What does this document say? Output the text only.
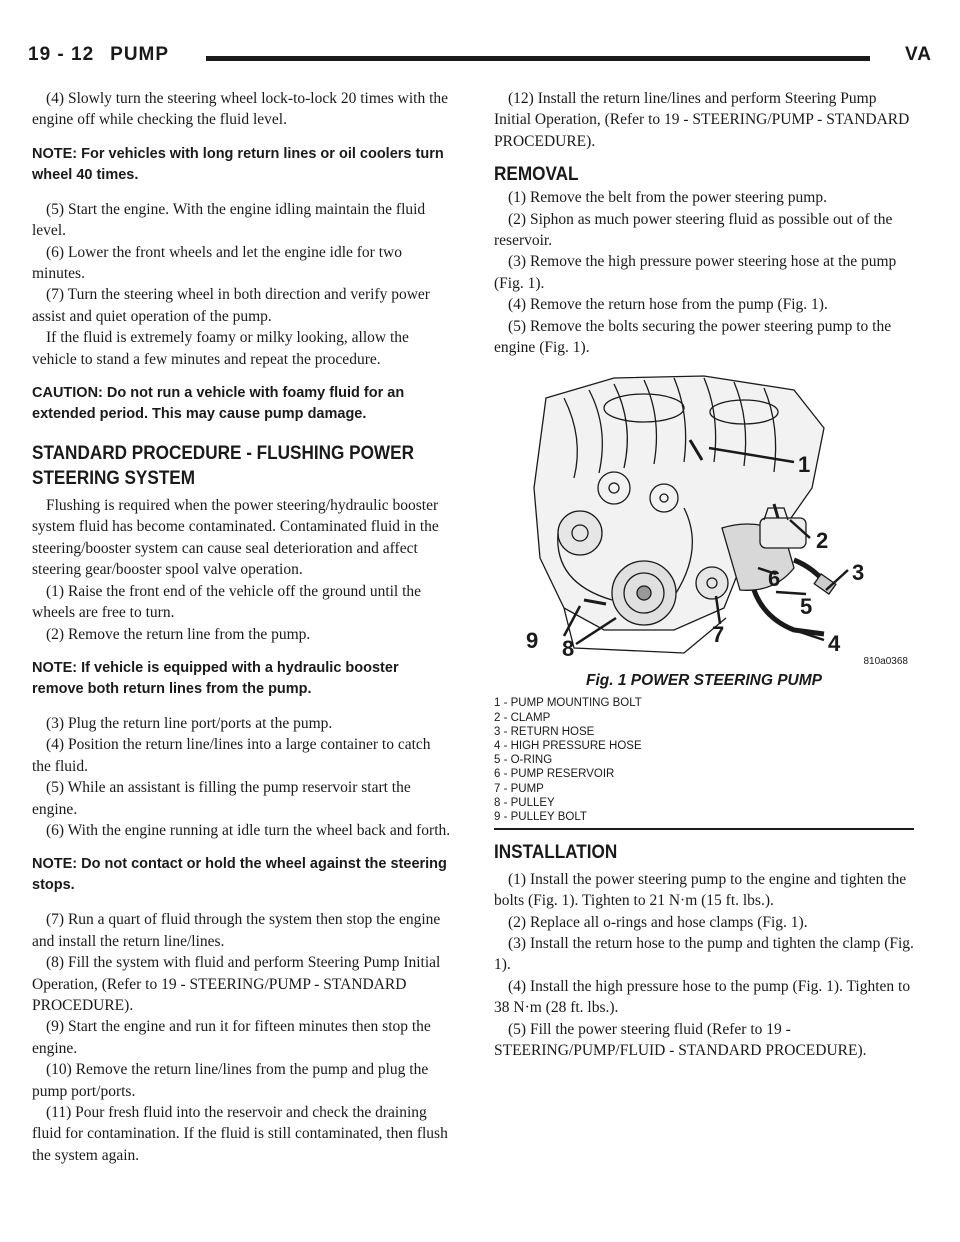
19 - 12 PUMP	VA

(4) Slowly turn the steering wheel lock-to-lock 20 times with the engine off while checking the fluid level.

NOTE: For vehicles with long return lines or oil coolers turn wheel 40 times.

(5) Start the engine. With the engine idling maintain the fluid level.

(6) Lower the front wheels and let the engine idle for two minutes.

(7) Turn the steering wheel in both direction and verify power assist and quiet operation of the pump.

If the fluid is extremely foamy or milky looking, allow the vehicle to stand a few minutes and repeat the procedure.

CAUTION: Do not run a vehicle with foamy fluid for an extended period. This may cause pump damage.
STANDARD PROCEDURE - FLUSHING POWER
STEERING SYSTEM

Flushing is required when the power steering/hydraulic booster system fluid has become contaminated. Contaminated fluid in the steering/booster system can cause seal deterioration and affect steering gear/booster spool valve operation.

(1) Raise the front end of the vehicle off the ground until the wheels are free to turn.

(2) Remove the return line from the pump.

NOTE: If vehicle is equipped with a hydraulic booster remove both return lines from the pump.

(3) Plug the return line port/ports at the pump.

(4) Position the return line/lines into a large container to catch the fluid.

(5) While an assistant is filling the pump reservoir start the engine.

(6) With the engine running at idle turn the wheel back and forth.

NOTE: Do not contact or hold the wheel against the steering stops.

(7) Run a quart of fluid through the system then stop the engine and install the return line/lines.

(8) Fill the system with fluid and perform Steering Pump Initial Operation, (Refer to 19 - STEERING/PUMP - STANDARD PROCEDURE).

(9) Start the engine and run it for fifteen minutes then stop the engine.

(10) Remove the return line/lines from the pump and plug the pump port/ports.

(11) Pour fresh fluid into the reservoir and check the draining fluid for contamination. If the fluid is still contaminated, then flush the system again.

(12) Install the return line/lines and perform Steering Pump Initial Operation, (Refer to 19 - STEERING/PUMP - STANDARD PROCEDURE).

REMOVAL

(1) Remove the belt from the power steering pump.

(2) Siphon as much power steering fluid as possible out of the reservoir.

(3) Remove the high pressure power steering hose at the pump (Fig. 1).

(4) Remove the return hose from the pump (Fig. 1).

(5) Remove the bolts securing the power steering pump to the engine (Fig. 1).

1
2
3
4
5
6
7
8
9
810a0368
Fig. 1 POWER STEERING PUMP
1 - PUMP MOUNTING BOLT
2 - CLAMP
3 - RETURN HOSE
4 - HIGH PRESSURE HOSE
5 - O-RING
6 - PUMP RESERVOIR
7 - PUMP
8 - PULLEY
9 - PULLEY BOLT
INSTALLATION

(1) Install the power steering pump to the engine and tighten the bolts (Fig. 1). Tighten to 21 N·m (15 ft. lbs.).

(2) Replace all o-rings and hose clamps (Fig. 1).

(3) Install the return hose to the pump and tighten the clamp (Fig. 1).

(4) Install the high pressure hose to the pump (Fig. 1). Tighten to 38 N·m (28 ft. lbs.).

(5) Fill the power steering fluid (Refer to 19 - STEERING/PUMP/FLUID - STANDARD PROCEDURE).
